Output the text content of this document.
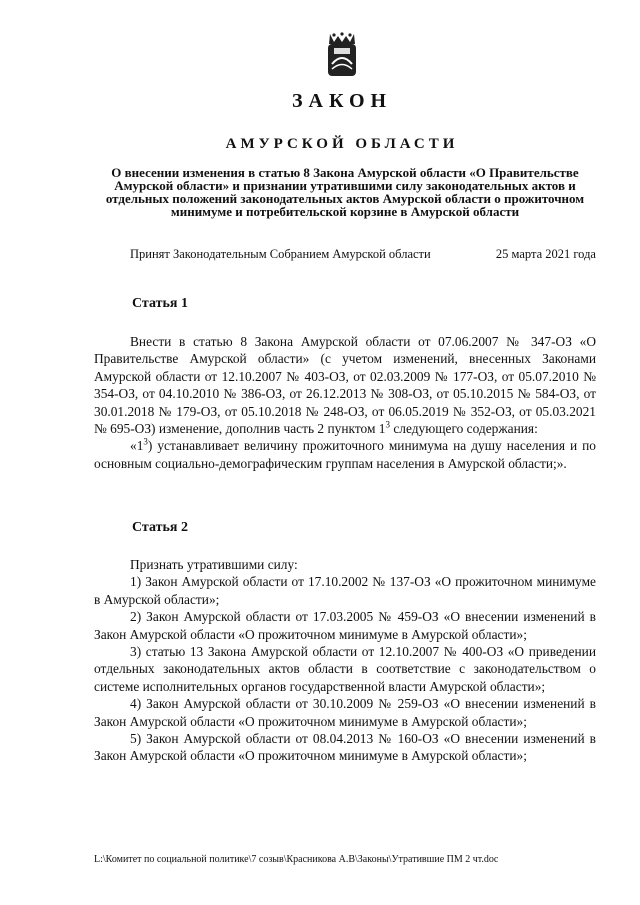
ЗАКОН
АМУРСКОЙ ОБЛАСТИ
О внесении изменения в статью 8 Закона Амурской области «О Правительстве Амурской области» и признании утратившими силу законодательных актов и отдельных положений законодательных актов Амурской области о прожиточном минимуме и потребительской корзине в Амурской области
Принят Законодательным Собранием Амурской области	25 марта 2021 года
Статья 1

Внести в статью 8 Закона Амурской области от 07.06.2007 № 347-ОЗ «О Правительстве Амурской области» (с учетом изменений, внесенных Законами Амурской области от 12.10.2007 № 403-ОЗ, от 02.03.2009 № 177-ОЗ, от 05.07.2010 № 354-ОЗ, от 04.10.2010 № 386-ОЗ, от 26.12.2013 № 308-ОЗ, от 05.10.2015 № 584-ОЗ, от 30.01.2018 № 179-ОЗ, от 05.10.2018 № 248-ОЗ, от 06.05.2019 № 352-ОЗ, от 05.03.2021 № 695-ОЗ) изменение, дополнив часть 2 пунктом $1^3$ следующего содержания:

«$1^3$) устанавливает величину прожиточного минимума на душу населения и по основным социально-демографическим группам населения в Амурской области;».

Статья 2

Признать утратившими силу:

1) Закон Амурской области от 17.10.2002 № 137-ОЗ «О прожиточном минимуме в Амурской области»;

2) Закон Амурской области от 17.03.2005 № 459-ОЗ «О внесении изменений в Закон Амурской области «О прожиточном минимуме в Амурской области»;

3) статью 13 Закона Амурской области от 12.10.2007 № 400-ОЗ «О приведении отдельных законодательных актов области в соответствие с законодательством о системе исполнительных органов государственной власти Амурской области»;

4) Закон Амурской области от 30.10.2009 № 259-ОЗ «О внесении изменений в Закон Амурской области «О прожиточном минимуме в Амурской области»;

5) Закон Амурской области от 08.04.2013 № 160-ОЗ «О внесении изменений в Закон Амурской области «О прожиточном минимуме в Амурской области»;

L:\Комитет по социальной политике\7 созыв\Красникова А.В\Законы\Утратившие ПМ 2 чт.doc
